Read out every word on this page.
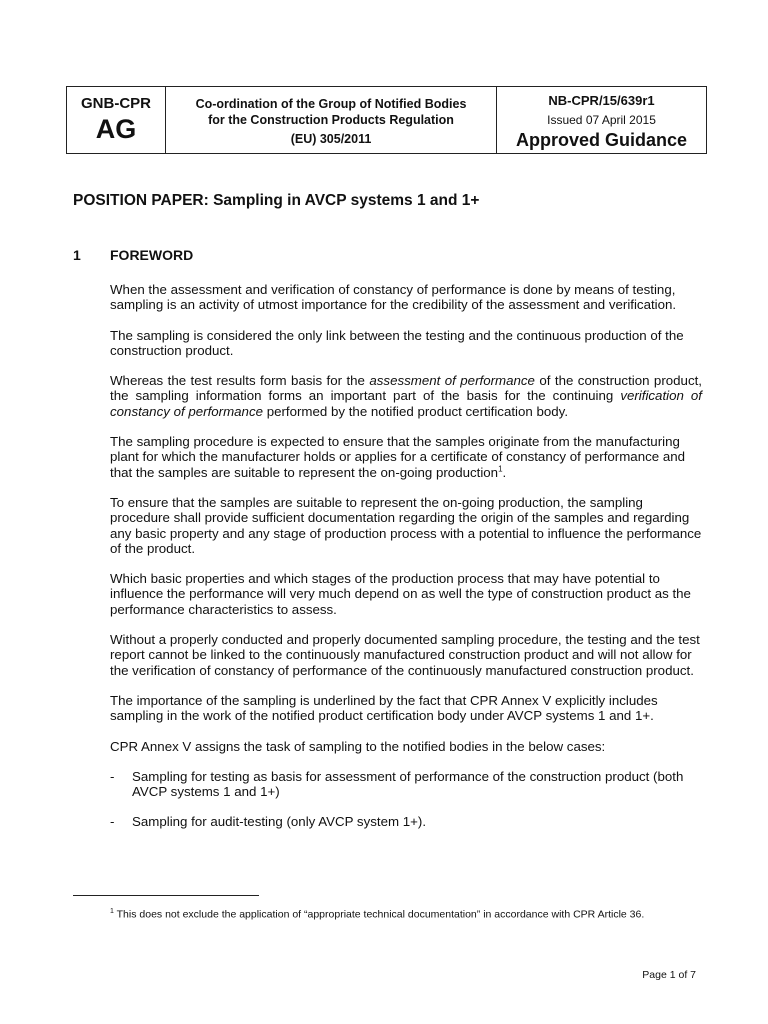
GNB-CPR
AG
Co-ordination of the Group of Notified Bodies
for the Construction Products Regulation
(EU) 305/2011
NB-CPR/15/639r1
Issued 07 April 2015
Approved Guidance
POSITION PAPER: Sampling in AVCP systems 1 and 1+
1 FOREWORD

When the assessment and verification of constancy of performance is done by means of testing, sampling is an activity of utmost importance for the credibility of the assessment and verification.

The sampling is considered the only link between the testing and the continuous production of the construction product.

Whereas the test results form basis for the assessment of performance of the construction product, the sampling information forms an important part of the basis for the continuing verification of constancy of performance performed by the notified product certification body.

The sampling procedure is expected to ensure that the samples originate from the manufacturing plant for which the manufacturer holds or applies for a certificate of constancy of performance and that the samples are suitable to represent the on-going production$^1$.

To ensure that the samples are suitable to represent the on-going production, the sampling procedure shall provide sufficient documentation regarding the origin of the samples and regarding any basic property and any stage of production process with a potential to influence the performance of the product.

Which basic properties and which stages of the production process that may have potential to influence the performance will very much depend on as well the type of construction product as the performance characteristics to assess.

Without a properly conducted and properly documented sampling procedure, the testing and the test report cannot be linked to the continuously manufactured construction product and will not allow for the verification of constancy of performance of the continuously manufactured construction product.

The importance of the sampling is underlined by the fact that CPR Annex V explicitly includes sampling in the work of the notified product certification body under AVCP systems 1 and 1+.

CPR Annex V assigns the task of sampling to the notified bodies in the below cases:

-	Sampling for testing as basis for assessment of performance of the construction product (both AVCP systems 1 and 1+)
-	Sampling for audit-testing (only AVCP system 1+).
$^1$ This does not exclude the application of “appropriate technical documentation” in accordance with CPR Article 36.
Page 1 of 7
